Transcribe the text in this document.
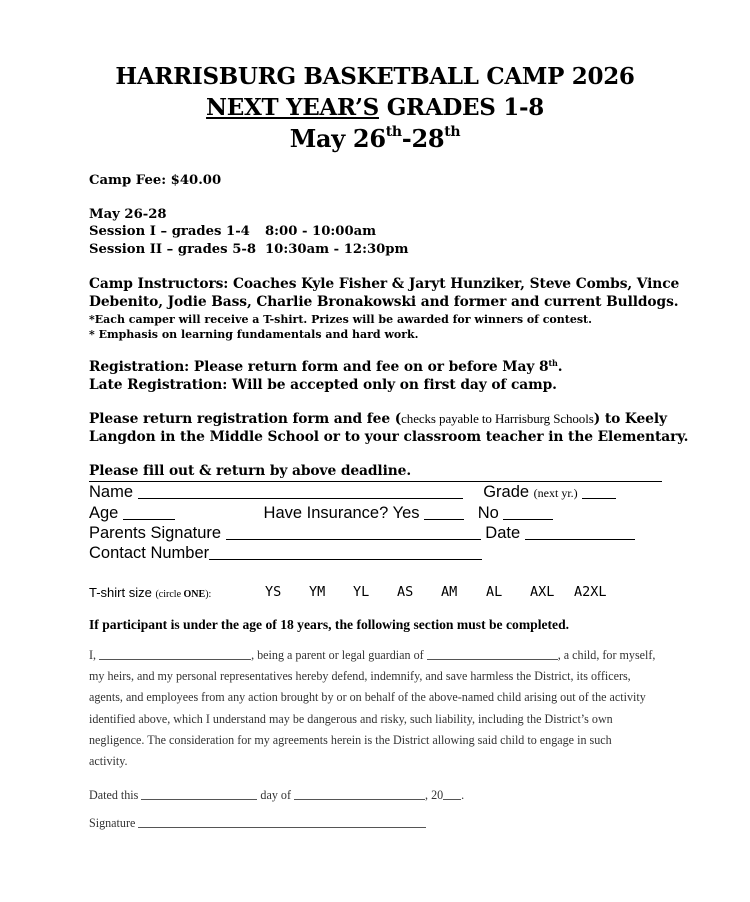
HARRISBURG BASKETBALL CAMP 2026
NEXT YEAR’S GRADES 1-8
May 26th-28th
Camp Fee: $40.00
May 26-28
Session I – grades 1-4 8:00 - 10:00am
Session II – grades 5-8 10:30am - 12:30pm
Camp Instructors: Coaches Kyle Fisher & Jaryt Hunziker, Steve Combs, Vince
Debenito, Jodie Bass, Charlie Bronakowski and former and current Bulldogs.
*Each camper will receive a T-shirt. Prizes will be awarded for winners of contest.
* Emphasis on learning fundamentals and hard work.
Registration: Please return form and fee on or before May 8th.
Late Registration: Will be accepted only on first day of camp.
Please return registration form and fee (checks payable to Harrisburg Schools) to Keely
Langdon in the Middle School or to your classroom teacher in the Elementary.
Please fill out & return by above deadline.
Name	Grade (next yr.)
Age	Have Insurance? Yes	No
Parents Signature	Date
Contact Number
T-shirt size (circle ONE):	YS YM YL AS AM AL AXL A2XL
If participant is under the age of 18 years, the following section must be completed.

I,	, being a parent or legal guardian of	, a child, for myself,

my heirs, and my personal representatives hereby defend, indemnify, and save harmless the District, its officers,

agents, and employees from any action brought by or on behalf of the above-named child arising out of the activity

identified above, which I understand may be dangerous and risky, such liability, including the District’s own

negligence. The consideration for my agreements herein is the District allowing said child to engage in such

activity.

Dated this	day of	, 20 .
Signature
